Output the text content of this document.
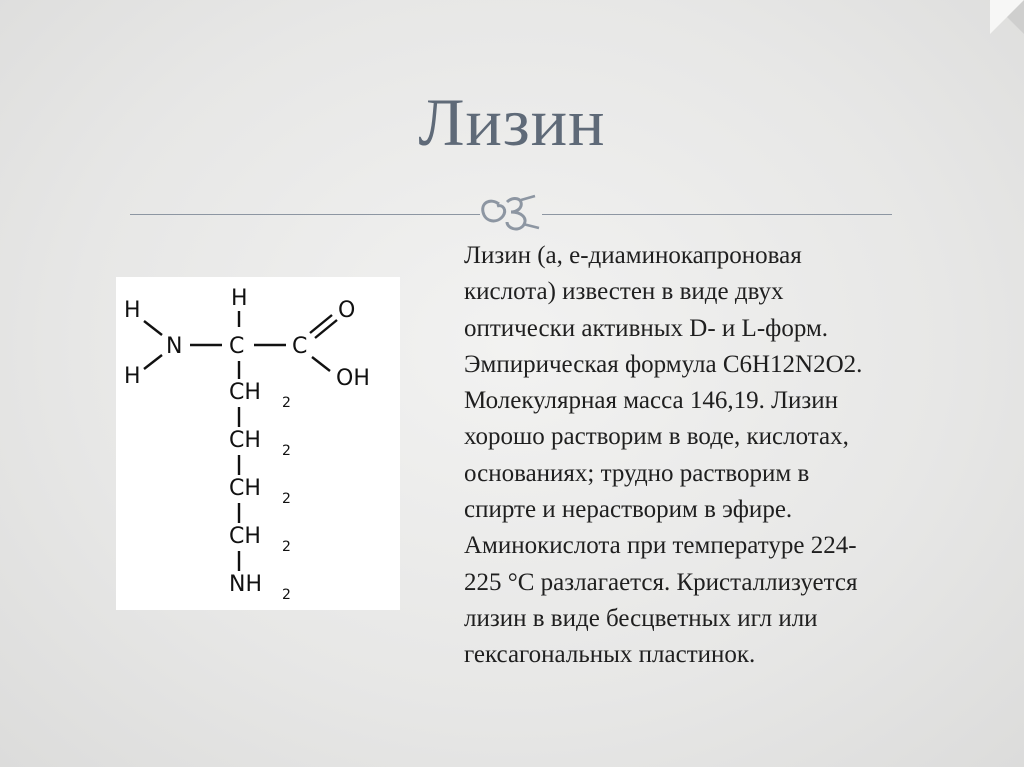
Лизин
H
H
H
N C C
O
OH
CH 2
CH 2
CH 2
CH 2
NH 2
Лизин (а, е-диаминокапроновая
кислота) известен в виде двух
оптически активных D- и L-форм.
Эмпирическая формула С6Н12N2O2.
Молекулярная масса 146,19. Лизин
хорошо растворим в воде, кислотах,
основаниях; трудно растворим в
спирте и нерастворим в эфире.
Аминокислота при температуре 224-
225 °С разлагается. Кристаллизуется
лизин в виде бесцветных игл или
гексагональных пластинок.
